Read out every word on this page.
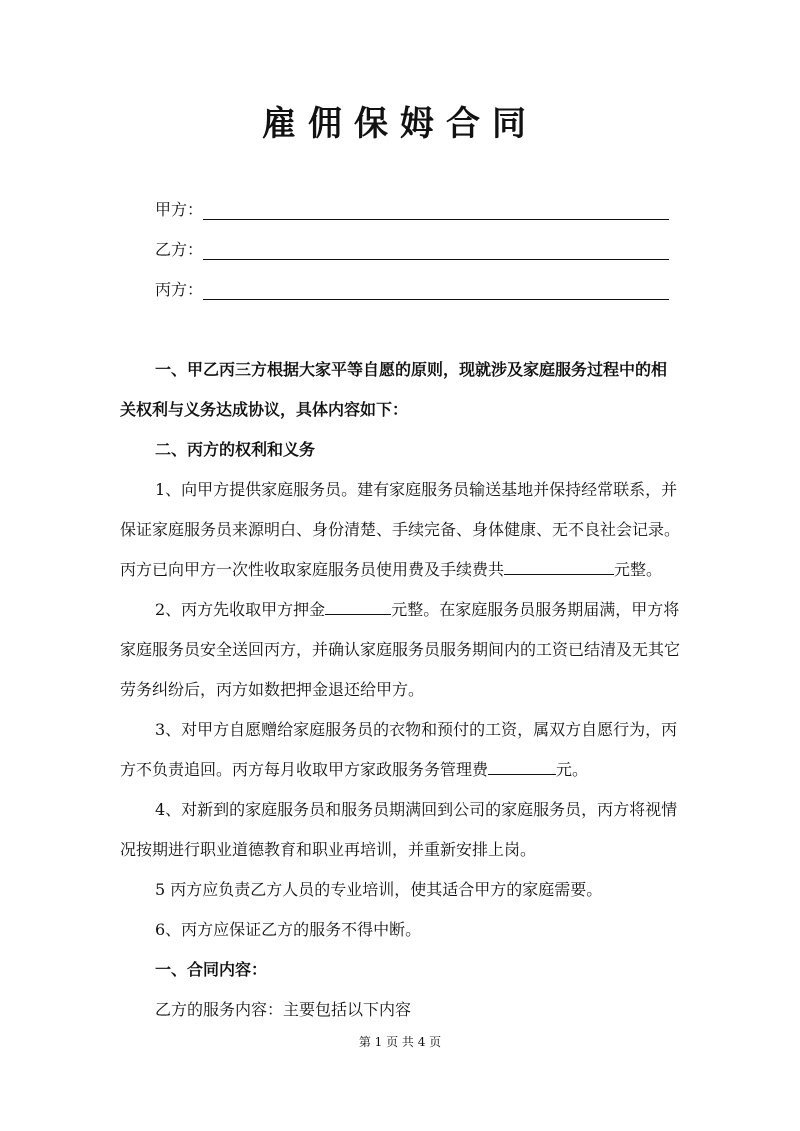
雇佣保姆合同
甲方：
乙方：
丙方：
一、甲乙丙三方根据大家平等自愿的原则，现就涉及家庭服务过程中的相
关权利与义务达成协议，具体内容如下：
二、丙方的权利和义务
1、向甲方提供家庭服务员。建有家庭服务员输送基地并保持经常联系，并
保证家庭服务员来源明白、身份清楚、手续完备、身体健康、无不良社会记录。
丙方已向甲方一次性收取家庭服务员使用费及手续费共	元整。
2、丙方先收取甲方押金	元整。在家庭服务员服务期届满，甲方将
家庭服务员安全送回丙方，并确认家庭服务员服务期间内的工资已结清及无其它
劳务纠纷后，丙方如数把押金退还给甲方。
3、对甲方自愿赠给家庭服务员的衣物和预付的工资，属双方自愿行为，丙
方不负责追回。丙方每月收取甲方家政服务务管理费	元。
4、对新到的家庭服务员和服务员期满回到公司的家庭服务员，丙方将视情
况按期进行职业道德教育和职业再培训，并重新安排上岗。
5 丙方应负责乙方人员的专业培训，使其适合甲方的家庭需要。
6、丙方应保证乙方的服务不得中断。
一、合同内容：
乙方的服务内容：主要包括以下内容
第 1 页 共 4 页
